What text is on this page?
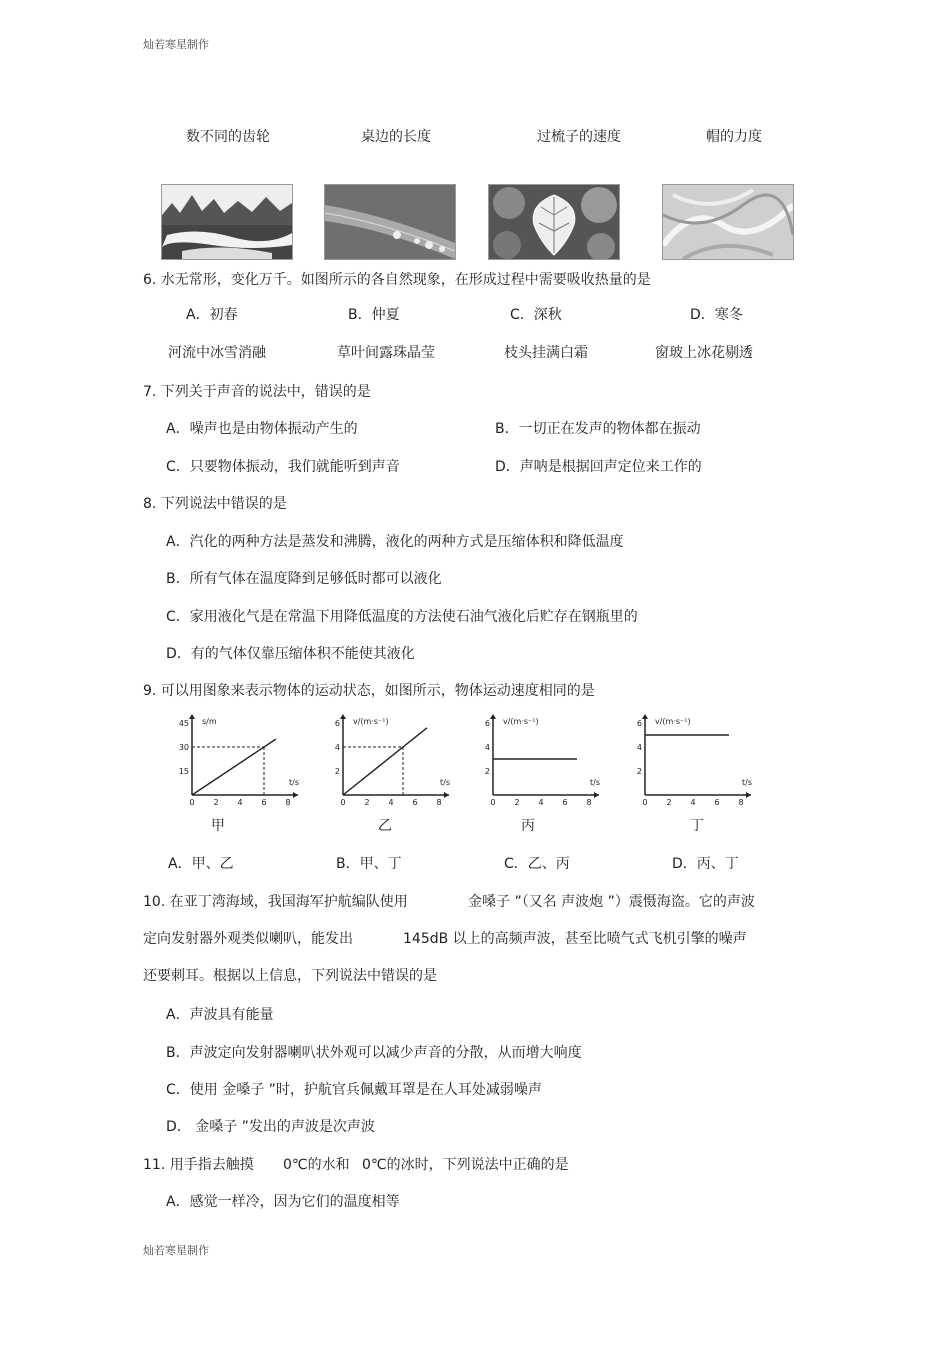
灿若寒星制作
数不同的齿轮	桌边的长度	过梳子的速度	帽的力度
6. 水无常形，变化万千。如图所示的各自然现象，在形成过程中需要吸收热量的是
A．初春	B．仲夏	C．深秋	D．寒冬
河流中冰雪消融	草叶间露珠晶莹	枝头挂满白霜	窗玻上冰花剔透
7. 下列关于声音的说法中，错误的是
A．噪声也是由物体振动产生的	B．一切正在发声的物体都在振动
C．只要物体振动，我们就能听到声音	D．声呐是根据回声定位来工作的
8. 下列说法中错误的是
A．汽化的两种方法是蒸发和沸腾，液化的两种方式是压缩体积和降低温度
B．所有气体在温度降到足够低时都可以液化
C．家用液化气是在常温下用降低温度的方法使石油气液化后贮存在钢瓶里的
D．有的气体仅靠压缩体积不能使其液化
9. 可以用图象来表示物体的运动状态，如图所示，物体运动速度相同的是
0 2 4 6 8
15
30
45 s/m
t/s
0 2 4 6 8
2
4
6 v/(m·s⁻¹)
t/s
0 2 4 6 8
2
4
6 v/(m·s⁻¹)
t/s
0 2 4 6 8
2
4
6 v/(m·s⁻¹)
t/s
甲	乙	丙	丁
A．甲、乙	B．甲、丁	C．乙、丙	D．丙、丁
10. 在亚丁湾海域，我国海军护航编队使用	金嗓子 ”（又名 声波炮 ”）震慑海盗。它的声波
定向发射器外观类似喇叭，能发出	145dB 以上的高频声波，甚至比喷气式飞机引擎的噪声
还要刺耳。根据以上信息，下列说法中错误的是
A．声波具有能量
B．声波定向发射器喇叭状外观可以减少声音的分散，从而增大响度
C．使用 金嗓子 ”时，护航官兵佩戴耳罩是在人耳处减弱噪声
D． 金嗓子 ”发出的声波是次声波
11. 用手指去触摸 0℃的水和 0℃的冰时，下列说法中正确的是
A．感觉一样冷，因为它们的温度相等
灿若寒星制作
